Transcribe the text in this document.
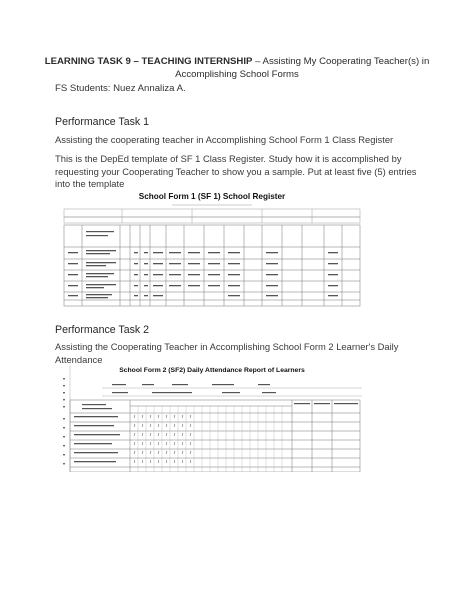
LEARNING TASK 9 – TEACHING INTERNSHIP – Assisting My Cooperating Teacher(s) in Accomplishing School Forms
FS Students: Nuez Annaliza A.
Performance Task 1
Assisting the cooperating teacher in Accomplishing School Form 1 Class Register
This is the DepEd template of SF 1 Class Register. Study how it is accomplished by requesting your Cooperating Teacher to show you a sample. Put at least five (5) entries into the template
School Form 1 (SF 1) School Register
Performance Task 2
Assisting the Cooperating Teacher in Accomplishing School Form 2 Learner's Daily Attendance
School Form 2 (SF2) Daily Attendance Report of Learners
